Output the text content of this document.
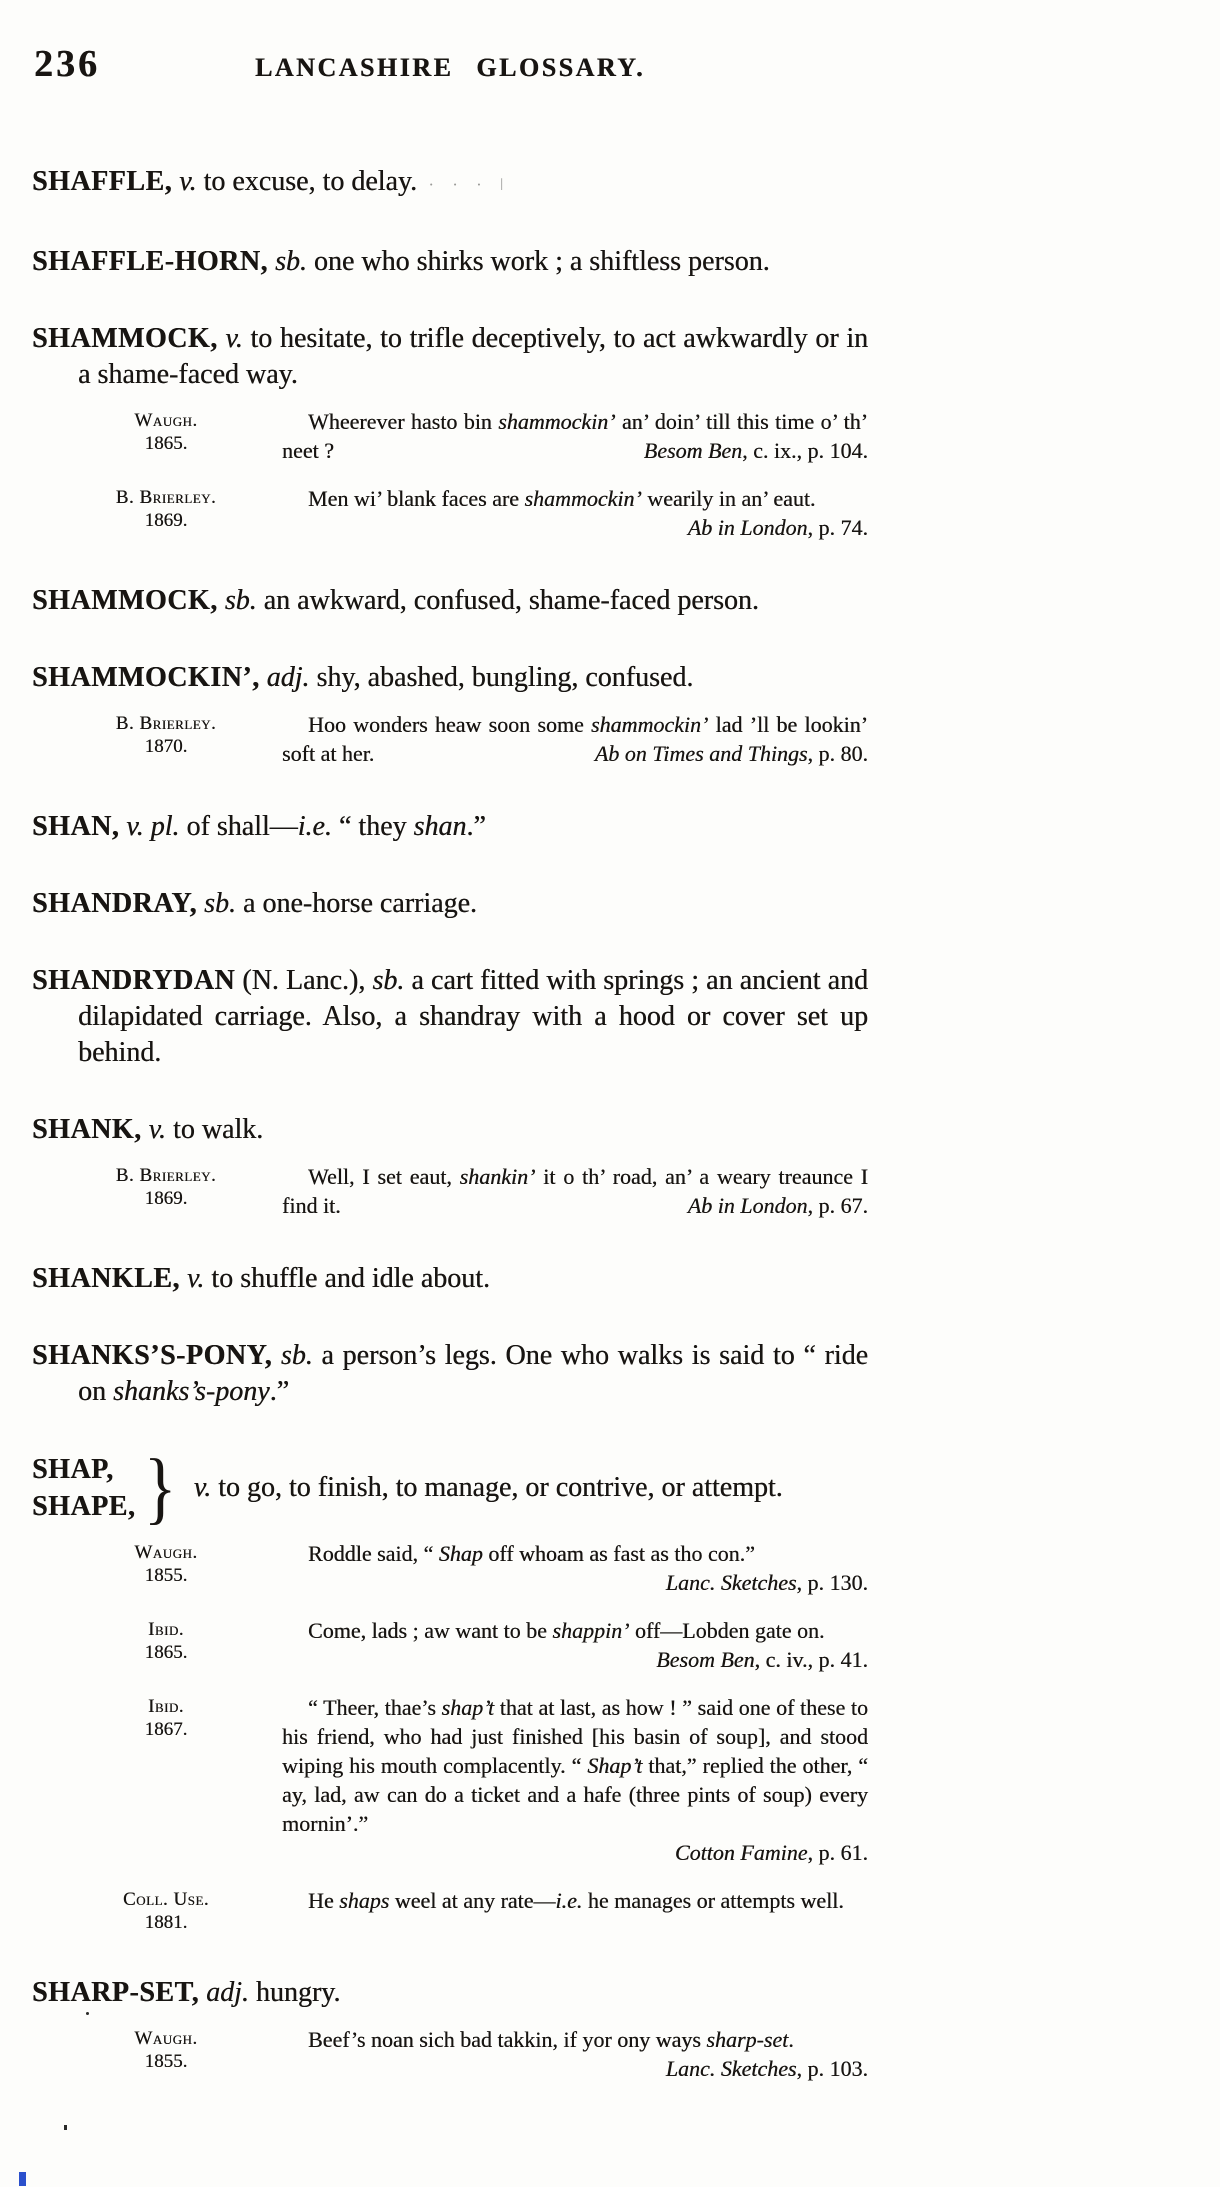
236	LANCASHIRE GLOSSARY.

SHAFFLE, v. to excuse, to delay. · · · ǀ

SHAFFLE-HORN, sb. one who shirks work ; a shiftless person.

SHAMMOCK, v. to hesitate, to trifle deceptively, to act awkwardly or in a shame-faced way.

Waugh.
1865.

Wheerever hasto bin shammockin’ an’ doin’ till this time o’ th’ neet ?	Besom Ben, c. ix., p. 104.

B. Brierley.
1869.

Men wi’ blank faces are shammockin’ wearily in an’ eaut.
Ab in London, p. 74.

SHAMMOCK, sb. an awkward, confused, shame-faced person.

SHAMMOCKIN’, adj. shy, abashed, bungling, confused.

B. Brierley.
1870.

Hoo wonders heaw soon some shammockin’ lad ’ll be lookin’ soft at her.	Ab on Times and Things, p. 80.

SHAN, v. pl. of shall—i.e. “ they shan.”

SHANDRAY, sb. a one-horse carriage.

SHANDRYDAN (N. Lanc.), sb. a cart fitted with springs ; an ancient and dilapidated carriage. Also, a shandray with a hood or cover set up behind.

SHANK, v. to walk.

B. Brierley.
1869.

Well, I set eaut, shankin’ it o th’ road, an’ a weary treaunce I find it.	Ab in London, p. 67.

SHANKLE, v. to shuffle and idle about.

SHANKS’S-PONY, sb. a person’s legs. One who walks is said to “ ride on shanks’s-pony.”

SHAP,
SHAPE, } v. to go, to finish, to manage, or contrive, or attempt.

Waugh.
1855.

Roddle said, “ Shap off whoam as fast as tho con.”
Lanc. Sketches, p. 130.

Ibid.
1865.

Come, lads ; aw want to be shappin’ off—Lobden gate on.
Besom Ben, c. iv., p. 41.

Ibid.
1867.

“ Theer, thae’s shap’t that at last, as how ! ” said one of these to his friend, who had just finished [his basin of soup], and stood wiping his mouth complacently. “ Shap’t that,” replied the other, “ ay, lad, aw can do a ticket and a hafe (three pints of soup) every mornin’.”
Cotton Famine, p. 61.

Coll. Use.
1881.

He shaps weel at any rate—i.e. he manages or attempts well.

SHARP-SET, adj. hungry.

Waugh.
1855.

Beef’s noan sich bad takkin, if yor ony ways sharp-set.
Lanc. Sketches, p. 103.
